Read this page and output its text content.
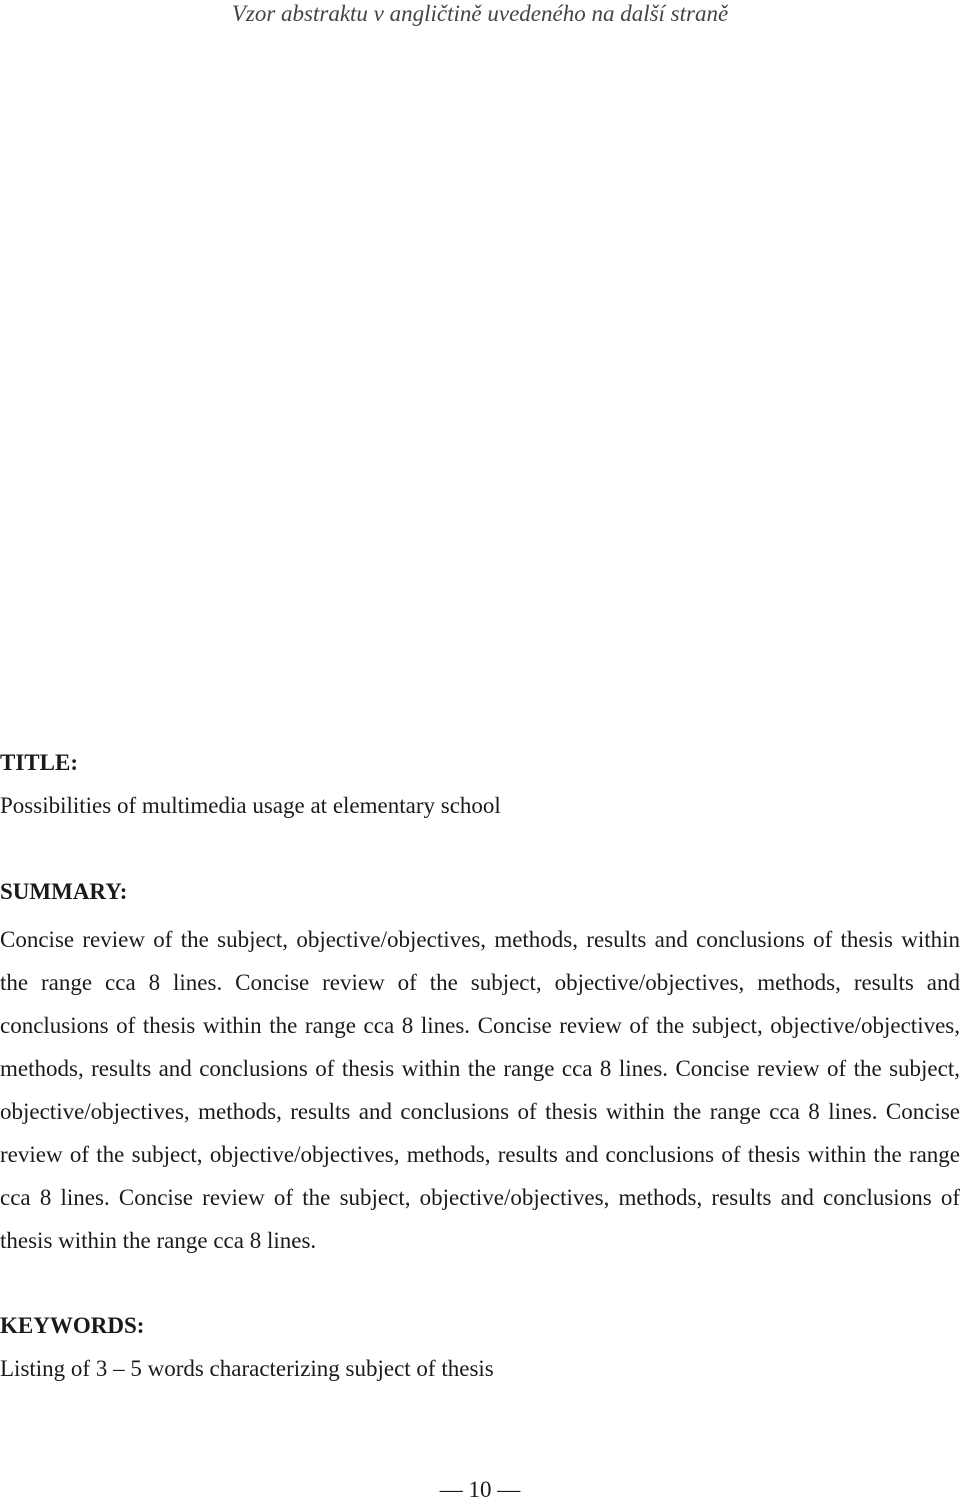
Vzor abstraktu v angličtině uvedeného na další straně

TITLE:

Possibilities of multimedia usage at elementary school

SUMMARY:

Concise review of the subject, objective/objectives, methods, results and conclusions of thesis within the range cca 8 lines. Concise review of the subject, objective/objectives, methods, results and conclusions of thesis within the range cca 8 lines. Concise review of the subject, objective/objectives, methods, results and conclusions of thesis within the range cca 8 lines. Concise review of the subject, objective/objectives, methods, results and conclusions of thesis within the range cca 8 lines. Concise review of the subject, objective/objectives, methods, results and conclusions of thesis within the range cca 8 lines. Concise review of the subject, objective/objectives, methods, results and conclusions of thesis within the range cca 8 lines.

KEYWORDS:

Listing of 3 – 5 words characterizing subject of thesis

— 10 —
